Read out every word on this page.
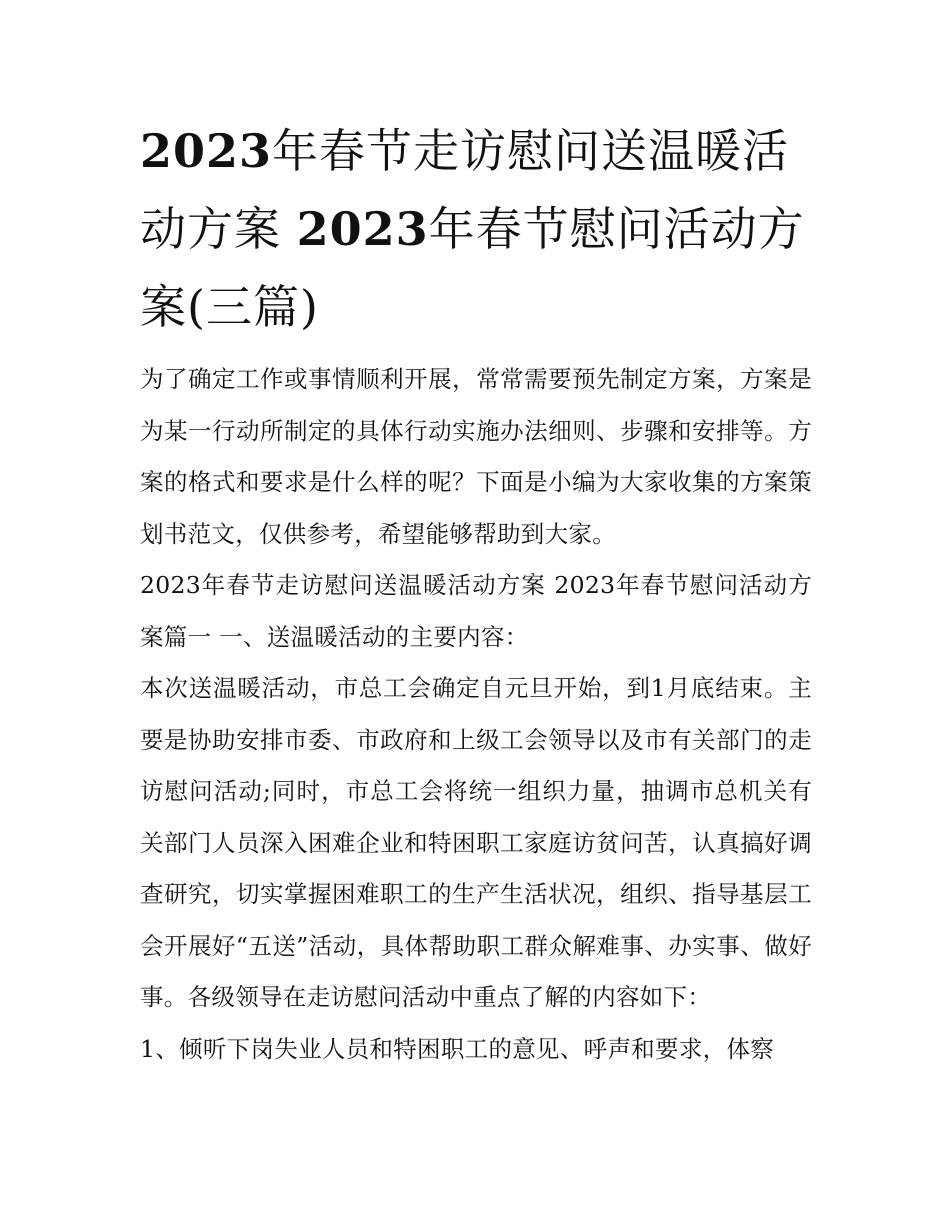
2023年春节走访慰问送温暖活动方案 2023年春节慰问活动方案(三篇)

为了确定工作或事情顺利开展，常常需要预先制定方案，方案是为某一行动所制定的具体行动实施办法细则、步骤和安排等。方案的格式和要求是什么样的呢？下面是小编为大家收集的方案策划书范文，仅供参考，希望能够帮助到大家。

2023年春节走访慰问送温暖活动方案 2023年春节慰问活动方案篇一 一、送温暖活动的主要内容：

本次送温暖活动，市总工会确定自元旦开始，到1月底结束。主要是协助安排市委、市政府和上级工会领导以及市有关部门的走访慰问活动;同时，市总工会将统一组织力量，抽调市总机关有关部门人员深入困难企业和特困职工家庭访贫问苦，认真搞好调查研究，切实掌握困难职工的生产生活状况，组织、指导基层工会开展好“五送”活动，具体帮助职工群众解难事、办实事、做好事。各级领导在走访慰问活动中重点了解的内容如下：

1、倾听下岗失业人员和特困职工的意见、呼声和要求，体察
